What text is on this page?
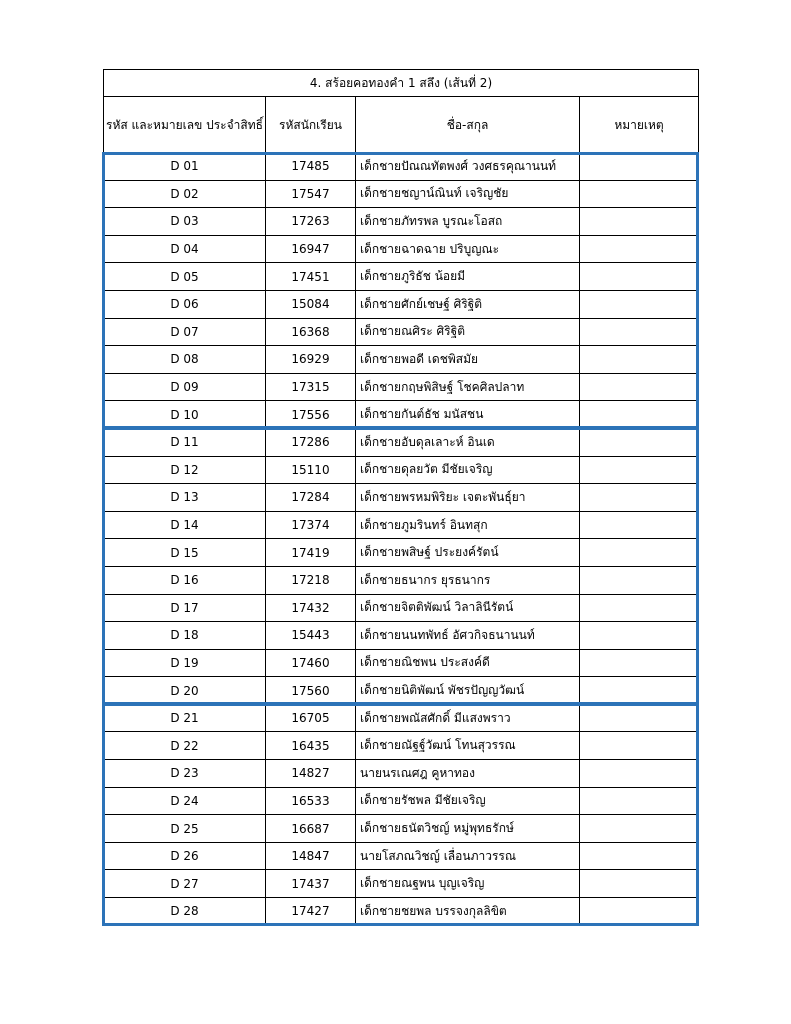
4. สร้อยคอทองคำ 1 สลึง (เส้นที่ 2)			
รหัส และหมายเลข ประจำสิทธิ์	รหัสนักเรียน	ชื่อ-สกุล	หมายเหตุ
D 01	17485	เด็กชายปัณณทัตพงศ์ วงศธรคุณานนท์	
D 02	17547	เด็กชายชญาน์ณินท์ เจริญชัย	
D 03	17263	เด็กชายภัทรพล บูรณะโอสถ	
D 04	16947	เด็กชายฉาดฉาย ปริบูญณะ	
D 05	17451	เด็กชายภูริธัช น้อยมี	
D 06	15084	เด็กชายศักย์เชษฐ์ ศิริฐิติ	
D 07	16368	เด็กชายณศิระ ศิริฐิติ	
D 08	16929	เด็กชายพอดี เดชพิสมัย	
D 09	17315	เด็กชายกฤษพิสิษฐ์ โชคศิลปลาท	
D 10	17556	เด็กชายกันต์ธัช มนัสชน	
D 11	17286	เด็กชายอับดุลเลาะห์ อินเด	
D 12	15110	เด็กชายดุลยวัต มีชัยเจริญ	
D 13	17284	เด็กชายพรหมพิริยะ เจตะพันธุ์ยา	
D 14	17374	เด็กชายภูมรินทร์ อินทสุก	
D 15	17419	เด็กชายพสิษฐ์ ประยงค์รัตน์	
D 16	17218	เด็กชายธนากร ยุรธนากร	
D 17	17432	เด็กชายจิตติพัฒน์ วิลาลินีรัตน์	
D 18	15443	เด็กชายนนทพัทธ์ อัศวกิจธนานนท์	
D 19	17460	เด็กชายณิชพน ประสงค์ดี	
D 20	17560	เด็กชายนิติพัฒน์ พัชรปัญญวัฒน์	
D 21	16705	เด็กชายพณัสศักดิ์ มีแสงพราว	
D 22	16435	เด็กชายณัฐฐ์วัฒน์ โทนสุวรรณ	
D 23	14827	นายนรเณศฎ คูหาทอง	
D 24	16533	เด็กชายรัชพล มีชัยเจริญ	
D 25	16687	เด็กชายธนัตวิชญ์ หมู่พุทธรักษ์	
D 26	14847	นายโสภณวิชญ์ เลื่อนภาวรรณ	
D 27	17437	เด็กชายณฐพน บุญเจริญ	
D 28	17427	เด็กชายชยพล บรรจงกุลลิขิต	
